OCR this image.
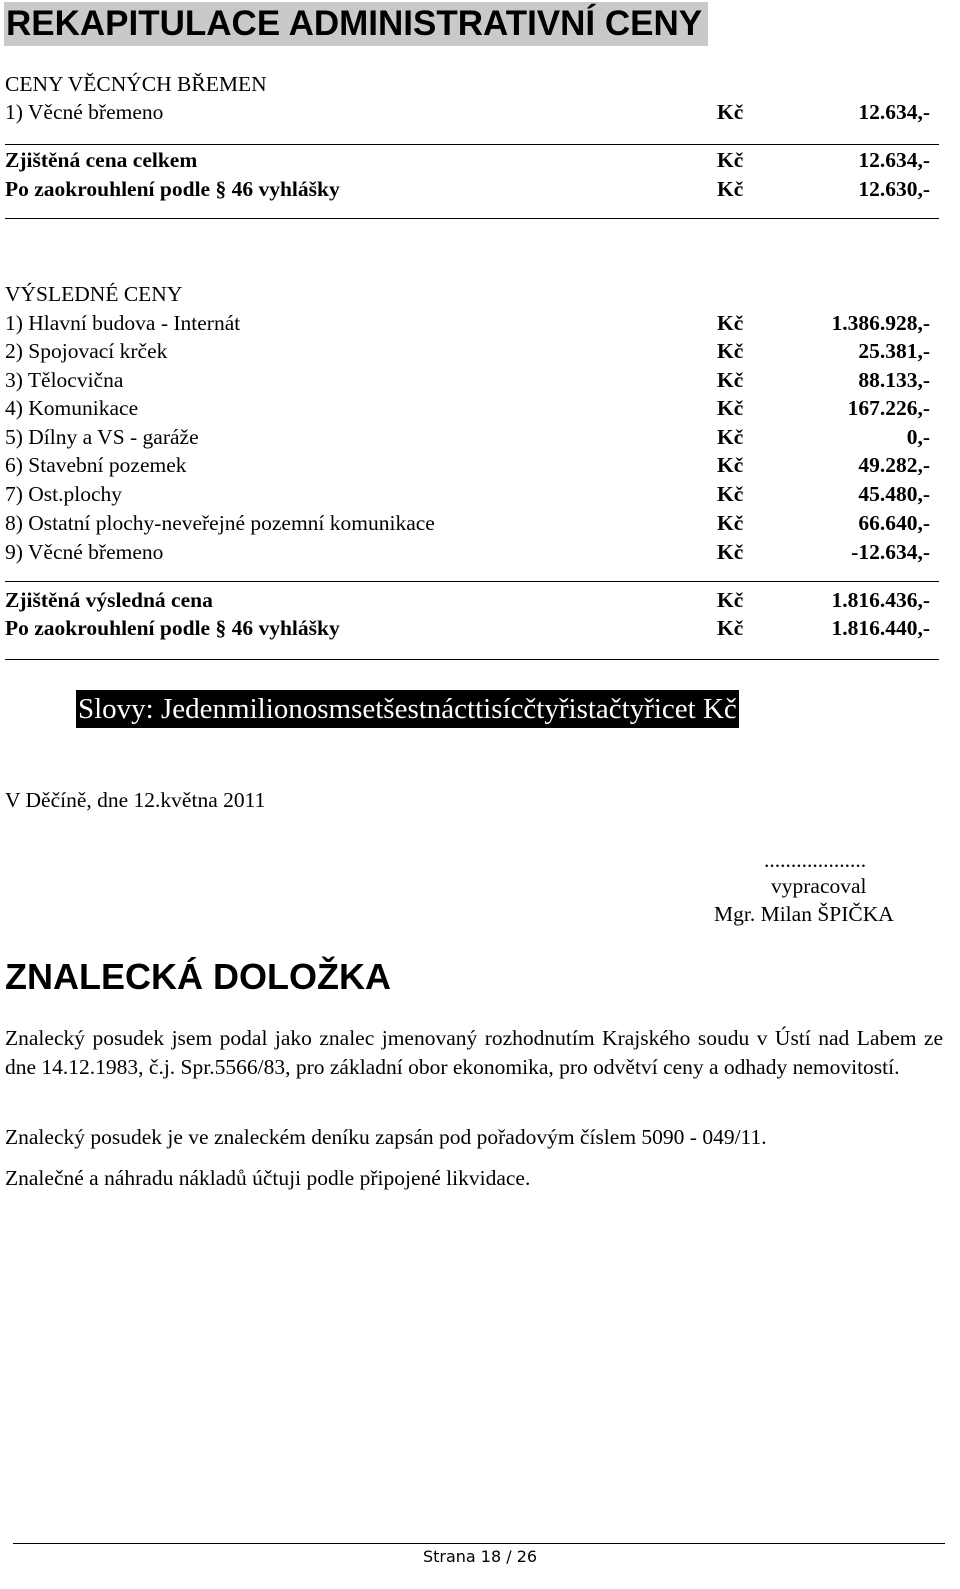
REKAPITULACE ADMINISTRATIVNÍ CENY
CENY VĚCNÝCH BŘEMEN
1) Věcné břemeno	Kč	12.634,-
Zjištěná cena celkem	Kč	12.634,-
Po zaokrouhlení podle § 46 vyhlášky	Kč	12.630,-
VÝSLEDNÉ CENY
1) Hlavní budova - Internát	Kč	1.386.928,-
2) Spojovací krček	Kč	25.381,-
3) Tělocvična	Kč	88.133,-
4) Komunikace	Kč	167.226,-
5) Dílny a VS - garáže	Kč	0,-
6) Stavební pozemek	Kč	49.282,-
7) Ost.plochy	Kč	45.480,-
8) Ostatní plochy-neveřejné pozemní komunikace	Kč	66.640,-
9) Věcné břemeno	Kč	-12.634,-
Zjištěná výsledná cena	Kč	1.816.436,-
Po zaokrouhlení podle § 46 vyhlášky	Kč	1.816.440,-
Slovy: Jedenmilionosmsetšestnácttisícčtyřistačtyřicet Kč
V Děčíně, dne 12.května 2011
...................
vypracoval
Mgr. Milan ŠPIČKA
ZNALECKÁ DOLOŽKA
Znalecký posudek jsem podal jako znalec jmenovaný rozhodnutím Krajského soudu v Ústí nad Labem ze dne 14.12.1983, č.j. Spr.5566/83, pro základní obor ekonomika, pro odvětví ceny a odhady nemovitostí.
Znalecký posudek je ve znaleckém deníku zapsán pod pořadovým číslem 5090 - 049/11.
Znalečné a náhradu nákladů účtuji podle připojené likvidace.
Strana 18 / 26
